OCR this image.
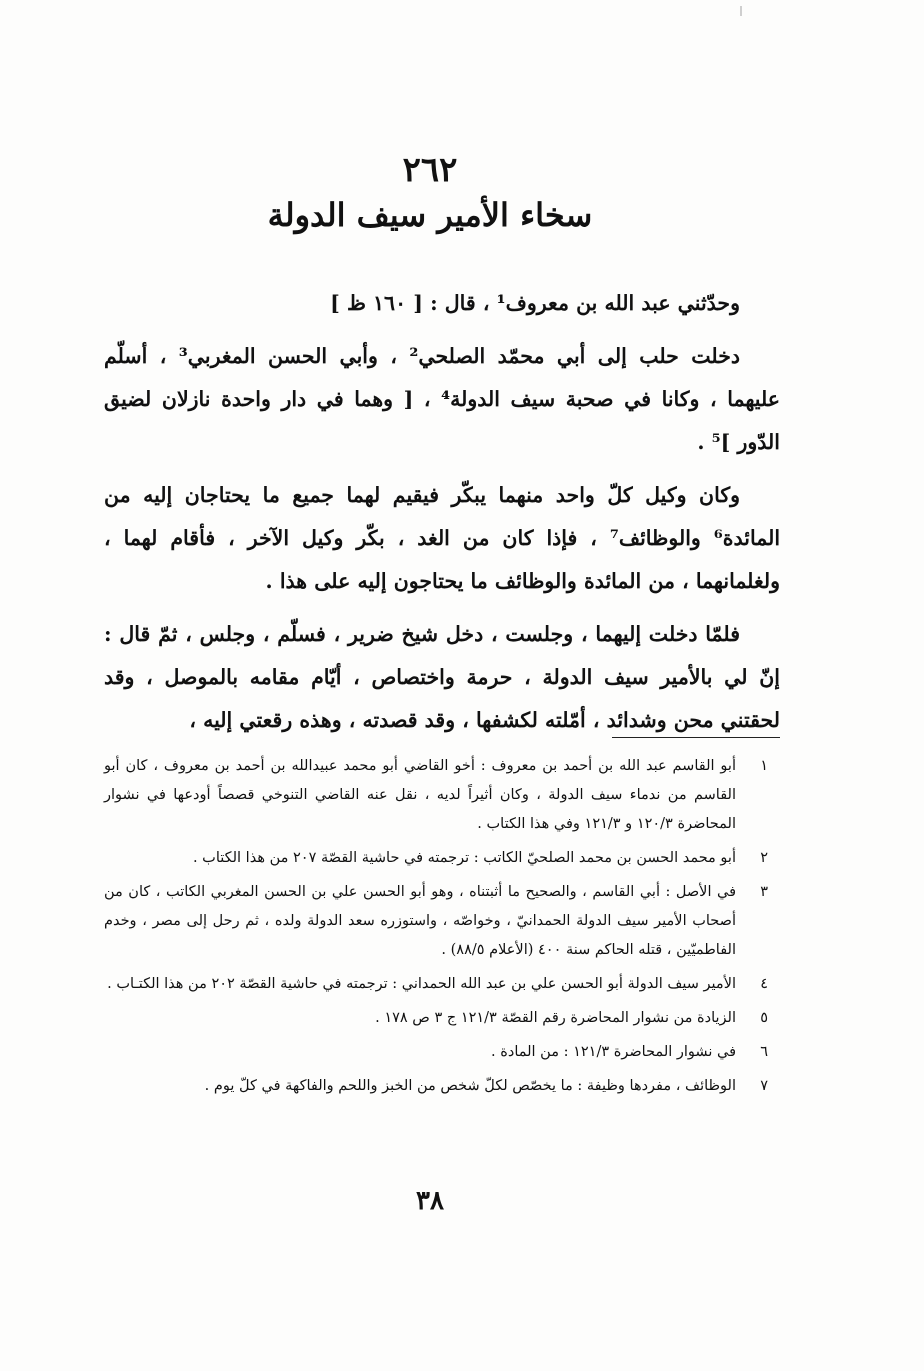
٢٦٢
سخاء الأمير سيف الدولة

وحدّثني عبد الله بن معروف¹ ، قال : [ ١٦٠ ظ ]

دخلت حلب إلى أبي محمّد الصلحي² ، وأبي الحسن المغربي³ ، أسلّم عليهما ، وكانا في صحبة سيف الدولة⁴ ، [ وهما في دار واحدة نازلان لضيق الدّور ]⁵ .

وكان وكيل كلّ واحد منهما يبكّر فيقيم لهما جميع ما يحتاجان إليه من المائدة⁶ والوظائف⁷ ، فإذا كان من الغد ، بكّر وكيل الآخر ، فأقام لهما ، ولغلمانهما ، من المائدة والوظائف ما يحتاجون إليه على هذا .

فلمّا دخلت إليهما ، وجلست ، دخل شيخ ضرير ، فسلّم ، وجلس ، ثمّ قال : إنّ لي بالأمير سيف الدولة ، حرمة واختصاص ، أيّام مقامه بالموصل ، وقد لحقتني محن وشدائد ، أمّلته لكشفها ، وقد قصدته ، وهذه رقعتي إليه ،

١
أبو القاسم عبد الله بن أحمد بن معروف : أخو القاضي أبو محمد عبيدالله بن أحمد بن معروف ، كان أبو القاسم من ندماء سيف الدولة ، وكان أثيراً لديه ، نقل عنه القاضي التنوخي قصصاً أودعها في نشوار المحاضرة ١٢٠/٣ و ١٢١/٣ وفي هذا الكتاب .
٢
أبو محمد الحسن بن محمد الصلحيّ الكاتب : ترجمته في حاشية القصّة ٢٠٧ من هذا الكتاب .
٣
في الأصل : أبي القاسم ، والصحيح ما أثبتناه ، وهو أبو الحسن علي بن الحسن المغربي الكاتب ، كان من أصحاب الأمير سيف الدولة الحمدانيّ ، وخواصّه ، واستوزره سعد الدولة ولده ، ثم رحل إلى مصر ، وخدم الفاطميّين ، قتله الحاكم سنة ٤٠٠ (الأعلام ٨٨/٥) .
٤
الأمير سيف الدولة أبو الحسن علي بن عبد الله الحمداني : ترجمته في حاشية القصّة ٢٠٢ من هذا الكتـاب .
٥
الزيادة من نشوار المحاضرة رقم القصّة ١٢١/٣ ج ٣ ص ١٧٨ .
٦
في نشوار المحاضرة ١٢١/٣ : من المادة .
٧
الوظائف ، مفردها وظيفة : ما يخصّص لكلّ شخص من الخبز واللحم والفاكهة في كلّ يوم .
٣٨
